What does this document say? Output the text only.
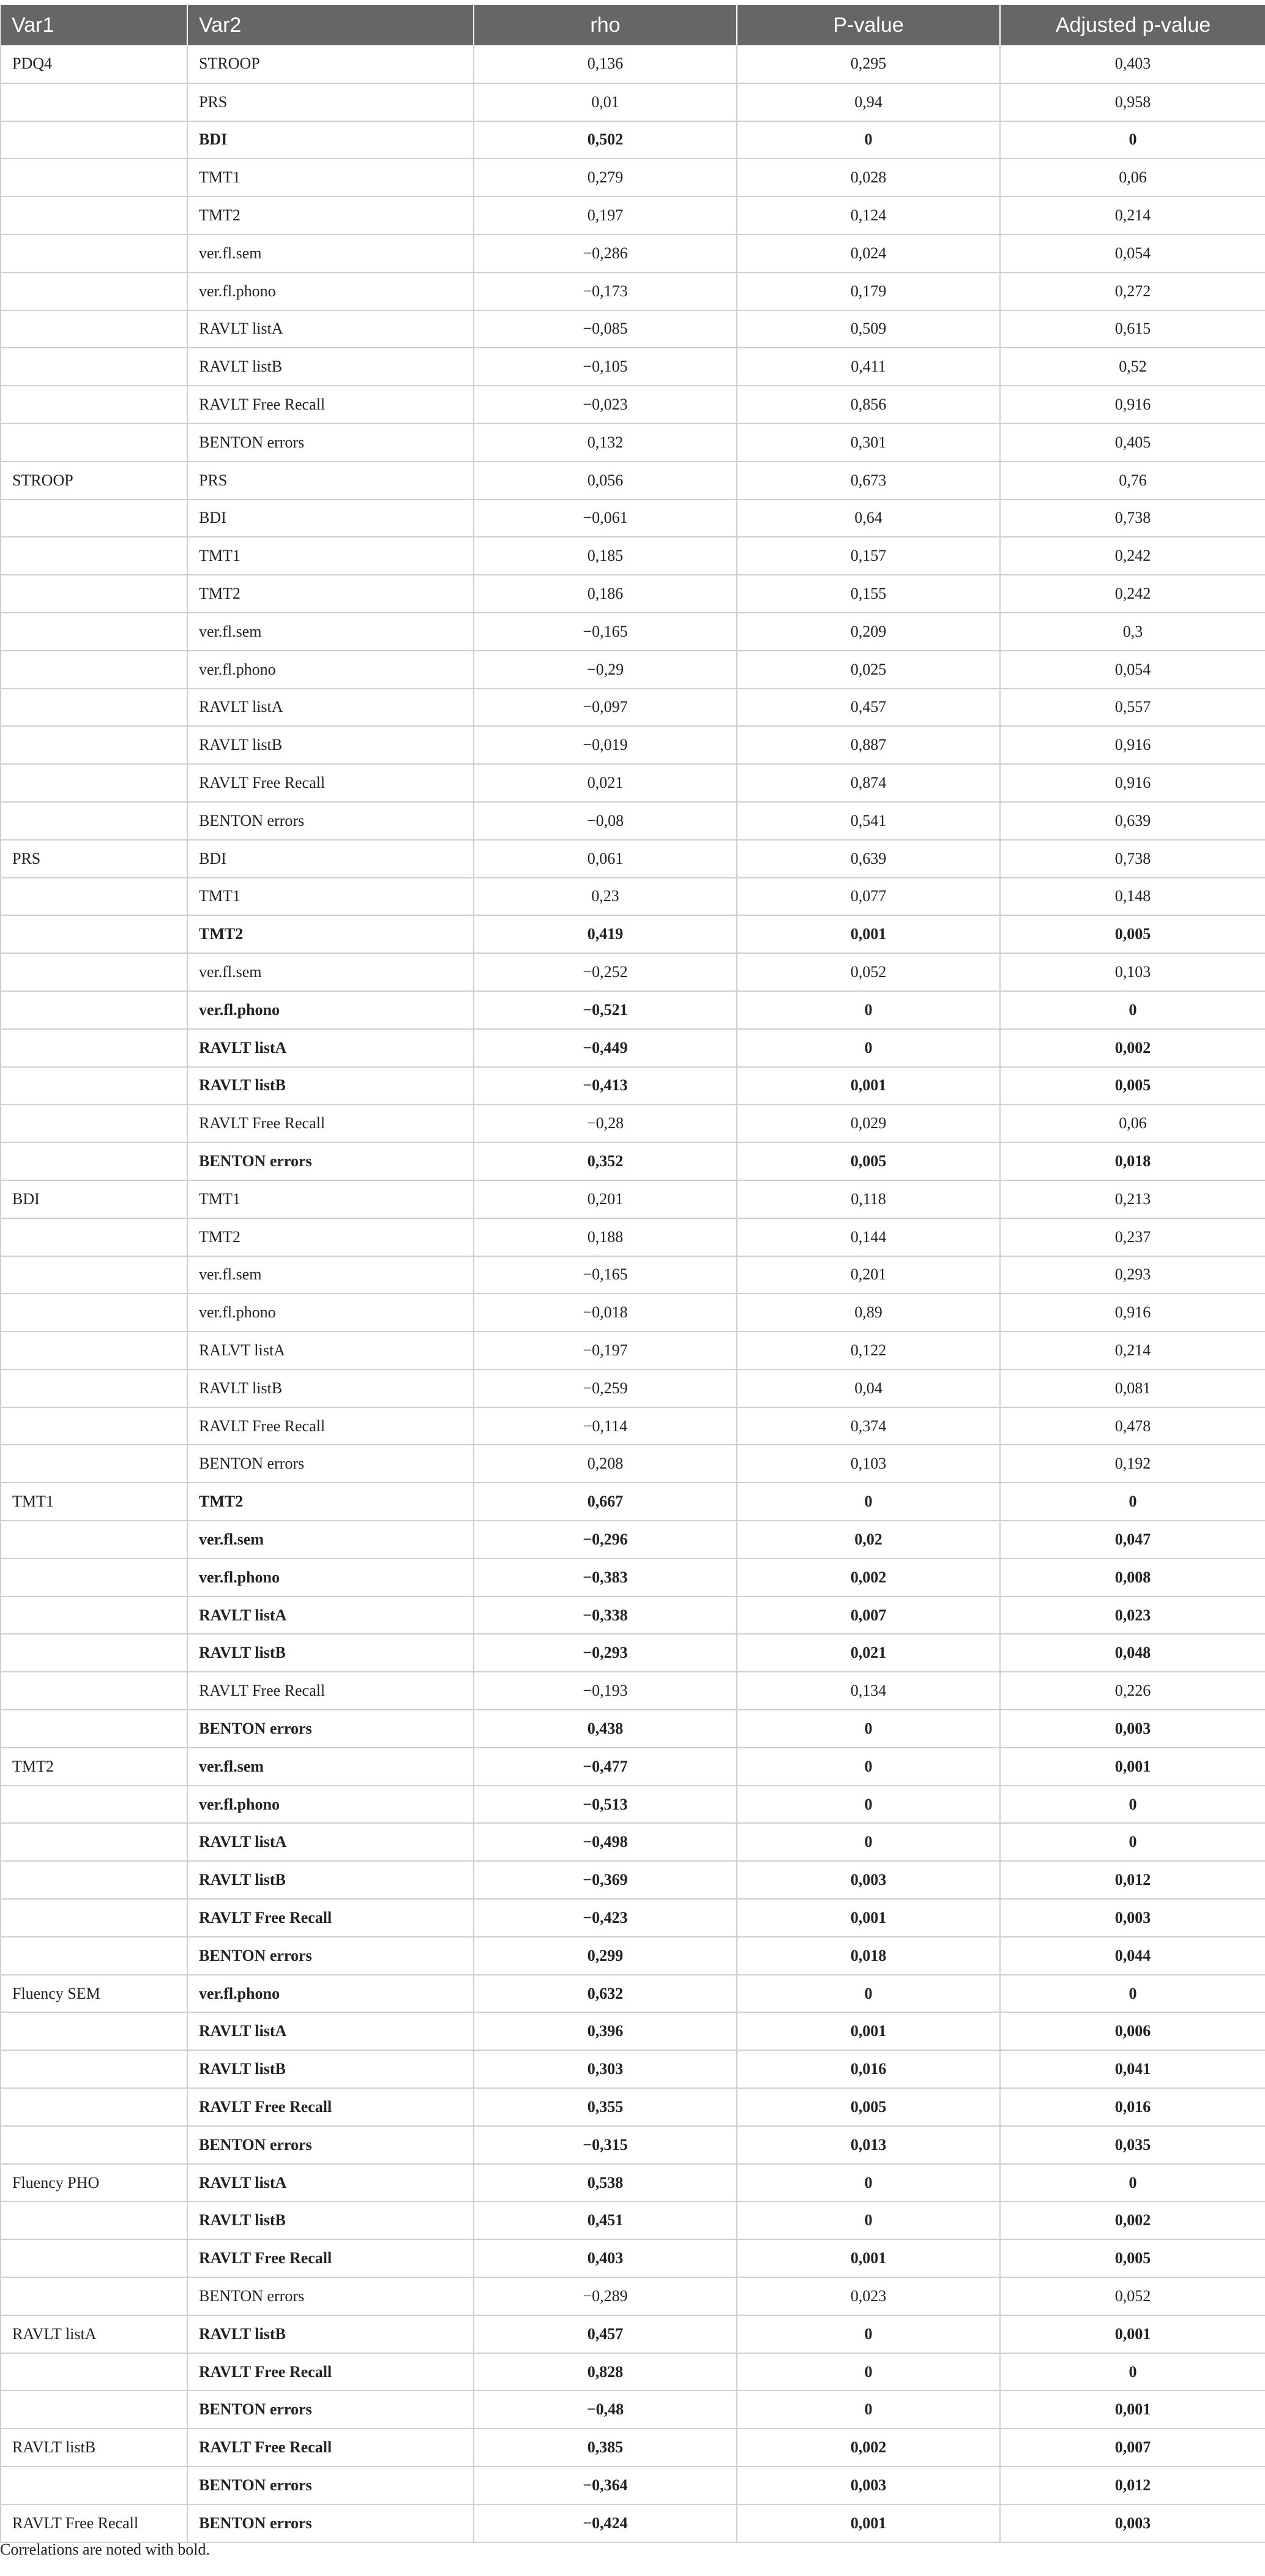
Var1	Var2	rho	P-value	Adjusted p-value
PDQ4	STROOP	0,136	0,295	0,403
	PRS	0,01	0,94	0,958
	BDI	0,502	0	0
	TMT1	0,279	0,028	0,06
	TMT2	0,197	0,124	0,214
	ver.fl.sem	−0,286	0,024	0,054
	ver.fl.phono	−0,173	0,179	0,272
	RAVLT listA	−0,085	0,509	0,615
	RAVLT listB	−0,105	0,411	0,52
	RAVLT Free Recall	−0,023	0,856	0,916
	BENTON errors	0,132	0,301	0,405
STROOP	PRS	0,056	0,673	0,76
	BDI	−0,061	0,64	0,738
	TMT1	0,185	0,157	0,242
	TMT2	0,186	0,155	0,242
	ver.fl.sem	−0,165	0,209	0,3
	ver.fl.phono	−0,29	0,025	0,054
	RAVLT listA	−0,097	0,457	0,557
	RAVLT listB	−0,019	0,887	0,916
	RAVLT Free Recall	0,021	0,874	0,916
	BENTON errors	−0,08	0,541	0,639
PRS	BDI	0,061	0,639	0,738
	TMT1	0,23	0,077	0,148
	TMT2	0,419	0,001	0,005
	ver.fl.sem	−0,252	0,052	0,103
	ver.fl.phono	−0,521	0	0
	RAVLT listA	−0,449	0	0,002
	RAVLT listB	−0,413	0,001	0,005
	RAVLT Free Recall	−0,28	0,029	0,06
	BENTON errors	0,352	0,005	0,018
BDI	TMT1	0,201	0,118	0,213
	TMT2	0,188	0,144	0,237
	ver.fl.sem	−0,165	0,201	0,293
	ver.fl.phono	−0,018	0,89	0,916
	RALVT listA	−0,197	0,122	0,214
	RAVLT listB	−0,259	0,04	0,081
	RAVLT Free Recall	−0,114	0,374	0,478
	BENTON errors	0,208	0,103	0,192
TMT1	TMT2	0,667	0	0
	ver.fl.sem	−0,296	0,02	0,047
	ver.fl.phono	−0,383	0,002	0,008
	RAVLT listA	−0,338	0,007	0,023
	RAVLT listB	−0,293	0,021	0,048
	RAVLT Free Recall	−0,193	0,134	0,226
	BENTON errors	0,438	0	0,003
TMT2	ver.fl.sem	−0,477	0	0,001
	ver.fl.phono	−0,513	0	0
	RAVLT listA	−0,498	0	0
	RAVLT listB	−0,369	0,003	0,012
	RAVLT Free Recall	−0,423	0,001	0,003
	BENTON errors	0,299	0,018	0,044
Fluency SEM	ver.fl.phono	0,632	0	0
	RAVLT listA	0,396	0,001	0,006
	RAVLT listB	0,303	0,016	0,041
	RAVLT Free Recall	0,355	0,005	0,016
	BENTON errors	−0,315	0,013	0,035
Fluency PHO	RAVLT listA	0,538	0	0
	RAVLT listB	0,451	0	0,002
	RAVLT Free Recall	0,403	0,001	0,005
	BENTON errors	−0,289	0,023	0,052
RAVLT listA	RAVLT listB	0,457	0	0,001
	RAVLT Free Recall	0,828	0	0
	BENTON errors	−0,48	0	0,001
RAVLT listB	RAVLT Free Recall	0,385	0,002	0,007
	BENTON errors	−0,364	0,003	0,012
RAVLT Free Recall	BENTON errors	−0,424	0,001	0,003
Correlations are noted with bold.
